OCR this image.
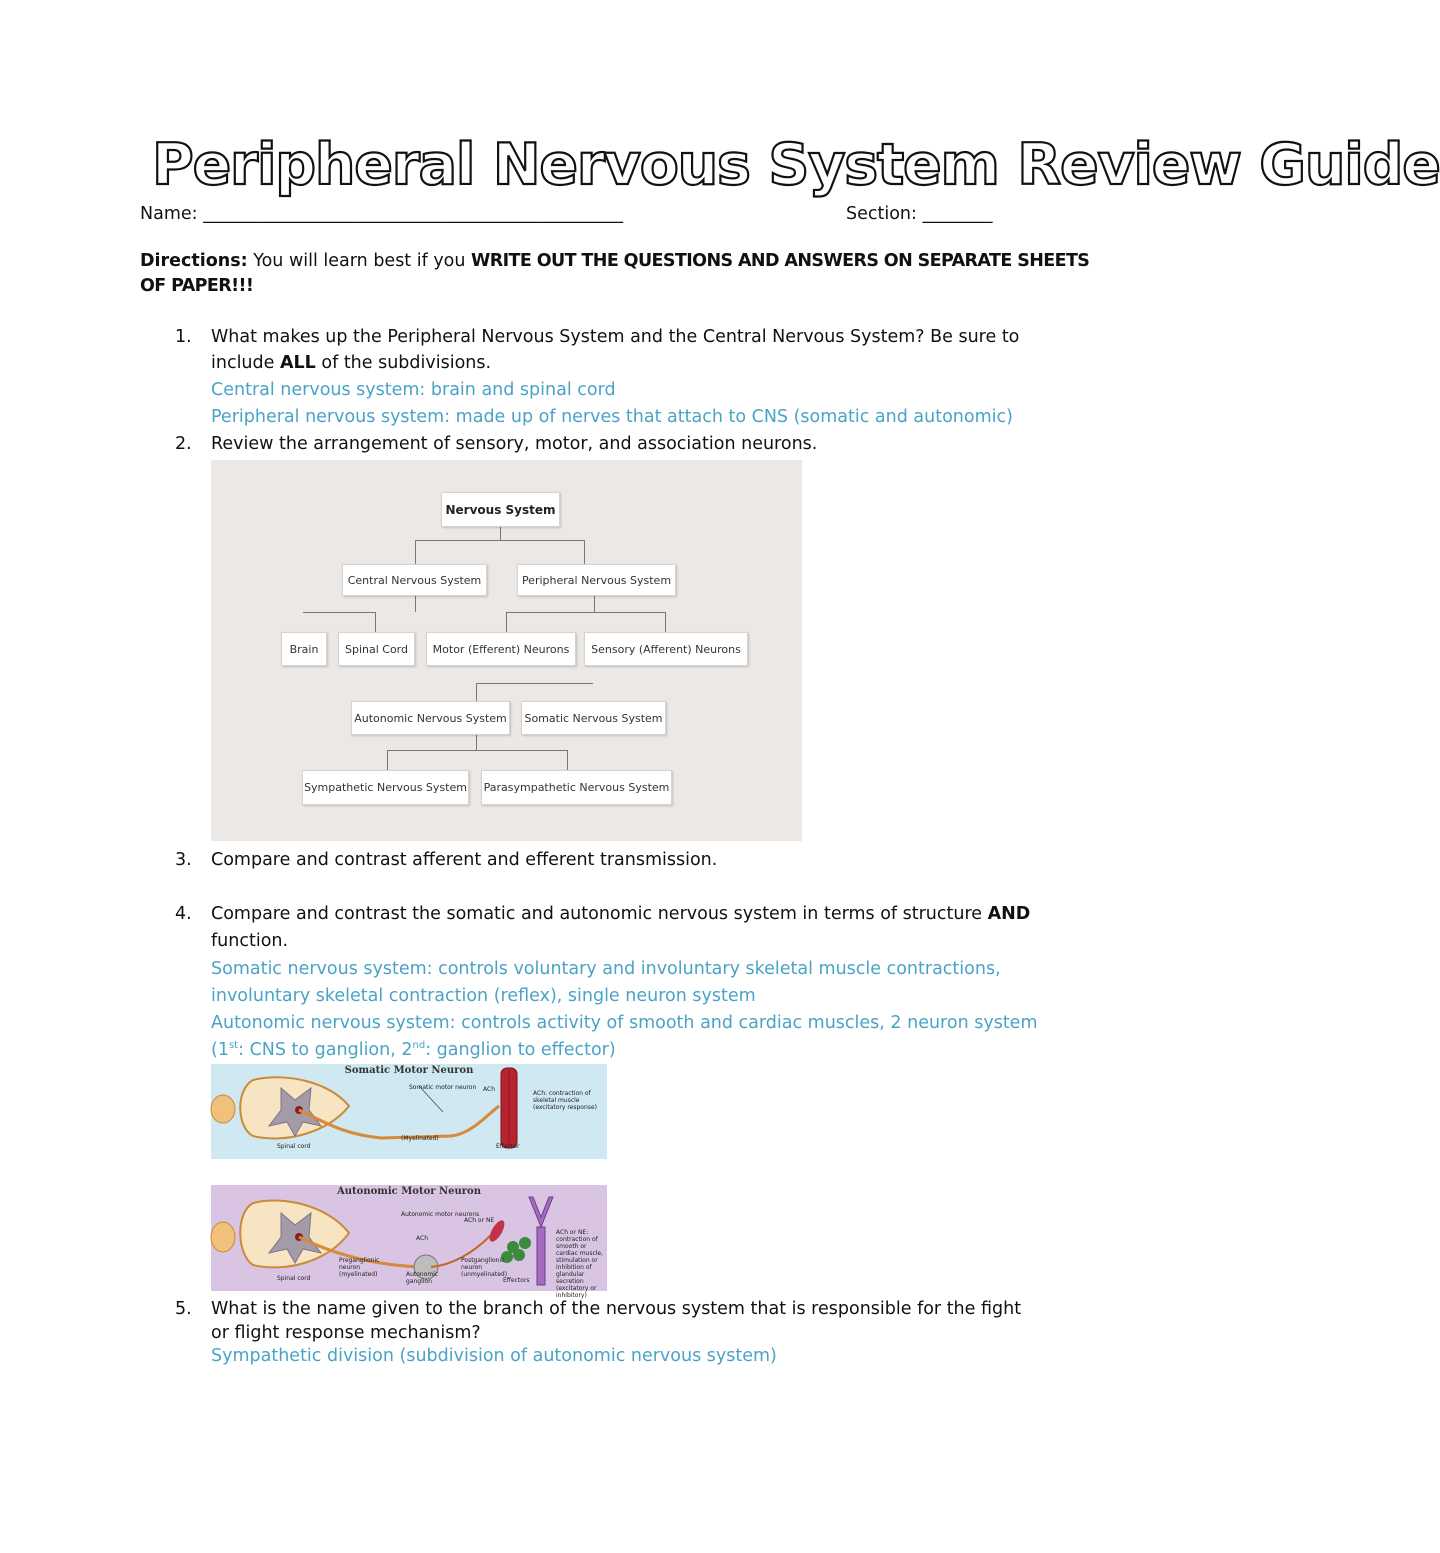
Peripheral Nervous System Review Guide
Name: ________________________________________________	Section: ________
Directions: You will learn best if you WRITE OUT THE QUESTIONS AND ANSWERS ON SEPARATE SHEETS
OF PAPER!!!
1. What makes up the Peripheral Nervous System and the Central Nervous System? Be sure to
include ALL of the subdivisions.
Central nervous system: brain and spinal cord
Peripheral nervous system: made up of nerves that attach to CNS (somatic and autonomic)
2. Review the arrangement of sensory, motor, and association neurons.
Nervous System
Central Nervous System	Peripheral Nervous System
Brain	Spinal Cord	Motor (Efferent) Neurons	Sensory (Afferent) Neurons
Autonomic Nervous System	Somatic Nervous System
Sympathetic Nervous System Parasympathetic Nervous System
3. Compare and contrast afferent and efferent transmission.
4. Compare and contrast the somatic and autonomic nervous system in terms of structure AND
function.
Somatic nervous system: controls voluntary and involuntary skeletal muscle contractions,
involuntary skeletal contraction (reflex), single neuron system
Autonomic nervous system: controls activity of smooth and cardiac muscles, 2 neuron system
(1st: CNS to ganglion, 2nd: ganglion to effector)
Somatic Motor Neuron
Somatic motor neuron ACh
ACh: contraction of skeletal muscle (excitatory response)
Spinal cord
(Myelinated)
Effector
Autonomic Motor Neuron
Autonomic motor neurons
ACh
ACh or NE
ACh or NE: contraction of smooth or cardiac muscle, stimulation or inhibition of glandular secretion (excitatory or inhibitory)
Preganglionic neuron (myelinated)
Postganglionic neuron (unmyelinated)
Spinal cord
Autonomic ganglion	Effectors
5. What is the name given to the branch of the nervous system that is responsible for the fight
or flight response mechanism?
Sympathetic division (subdivision of autonomic nervous system)
